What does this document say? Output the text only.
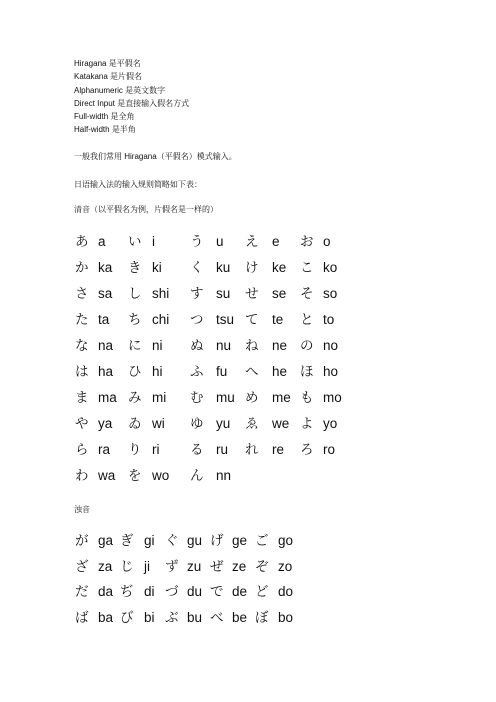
Hiragana 是平假名
Katakana 是片假名
Alphanumeric 是英文数字
Direct Input 是直接输入假名方式
Full-width 是全角
Half-width 是半角
一般我们常用 Hiragana（平假名）模式输入。
日语输入法的输入规则简略如下表：
清音（以平假名为例，片假名是一样的）
あ a い i	う u え e お o
か ka き ki く ku け ke こ ko
さ sa し shi す su せ se そ so
た ta ち chi つ tsu て te と to
な na に ni ぬ nu ね ne の no
は ha ひ hi ふ fu へ he ほ ho
ま ma み mi む mu め me も mo
や ya ゐ wi ゆ yu ゑ we よ yo
ら ra り ri る ru れ re ろ ro
わ wa を wo ん nn
浊音
が ga ぎ gi ぐ gu げ ge ご go
ざ za じ ji ず zu ぜ ze ぞ zo
だ da ぢ di づ du で de ど do
ば ba び bi ぶ bu べ be ぼ bo
